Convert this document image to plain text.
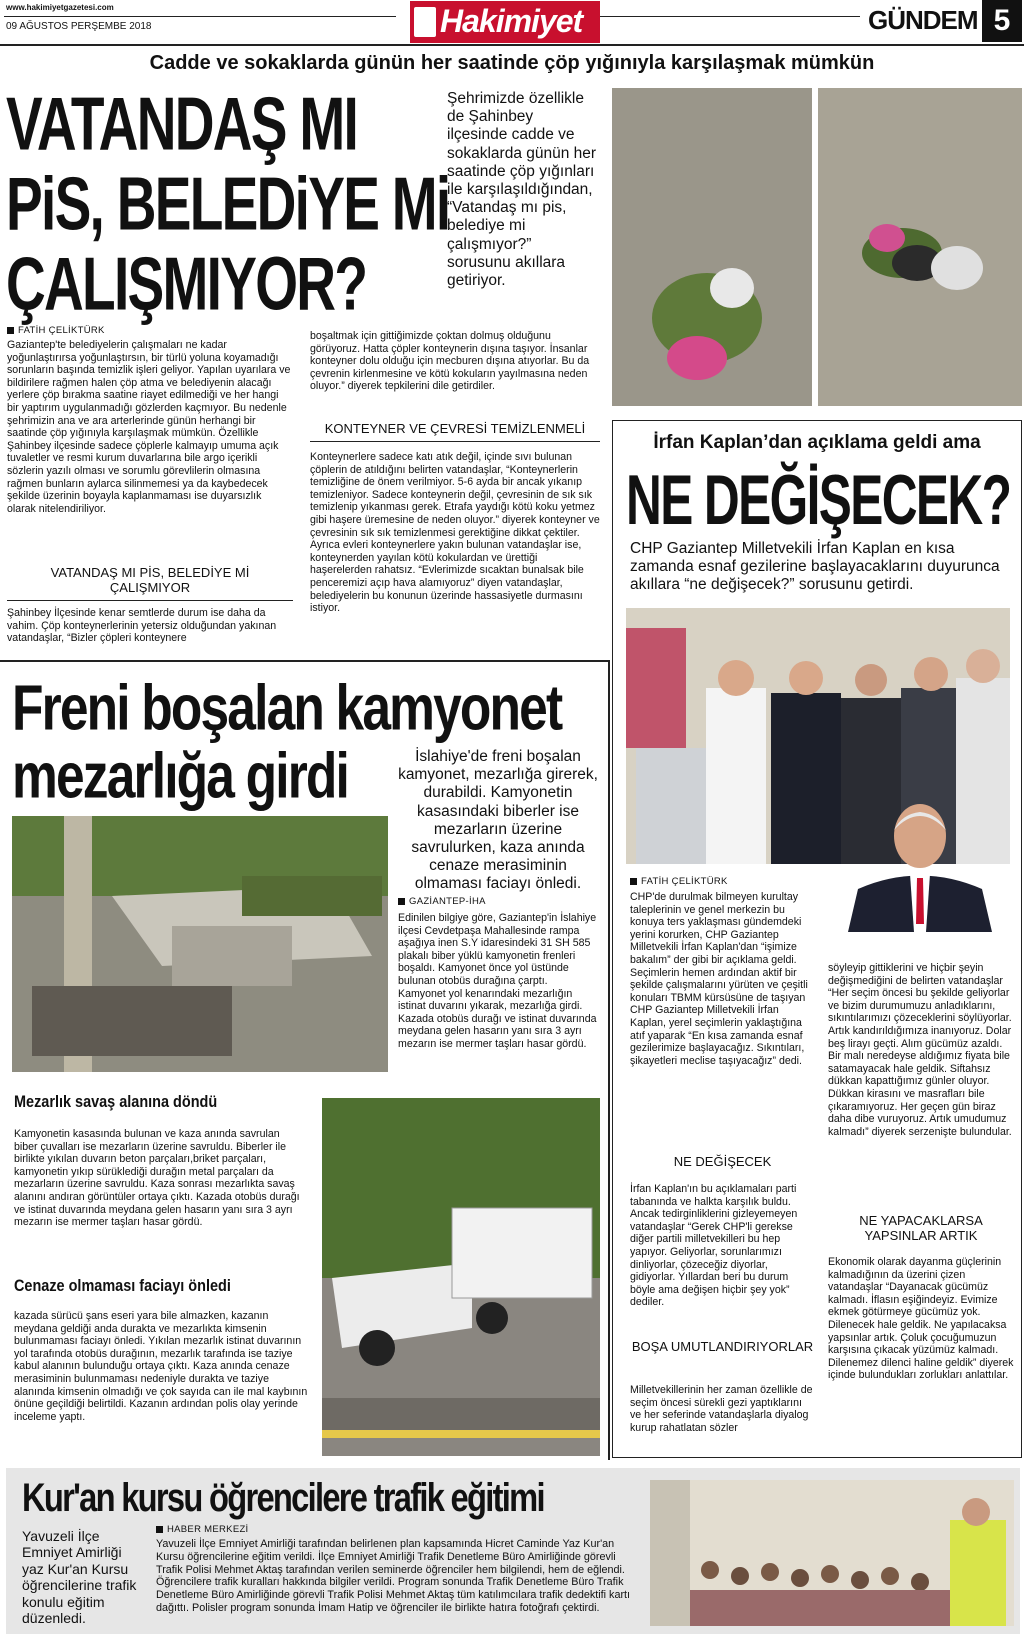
www.hakimiyetgazetesi.com
09 AĞUSTOS PERŞEMBE 2018	Hakimiyet	GÜNDEM 5
Cadde ve sokaklarda günün her saatinde çöp yığınıyla karşılaşmak mümkün
VATANDAŞ MI
PiS, BELEDiYE Mi
ÇALIŞMIYOR?
Şehrimizde özellikle de Şahinbey ilçesinde cadde ve sokaklarda günün her saatinde çöp yığınları ile karşılaşıldığından, “Vatandaş mı pis, belediye mi çalışmıyor?” sorusunu akıllara getiriyor.
FATİH ÇELİKTÜRK
Gaziantep'te belediyelerin çalışmaları ne kadar yoğunlaştırırsa yoğunlaştırsın, bir türlü yoluna koyamadığı sorunların başında temizlik işleri geliyor. Yapılan uyarılara ve bildirilere rağmen halen çöp atma ve belediyenin alacağı yerlere çöp bırakma saatine riayet edilmediği ve her hangi bir yaptırım uygulanmadığı gözlerden kaçmıyor. Bu nedenle şehrimizin ana ve ara arterlerinde günün herhangi bir saatinde çöp yığınıyla karşılaşmak mümkün. Özellikle Şahinbey ilçesinde sadece çöplerle kalmayıp umuma açık tuvaletler ve resmi kurum duvarlarına bile argo içerikli sözlerin yazılı olması ve sorumlu görevlilerin olmasına rağmen bunların aylarca silinmemesi ya da kaybedecek şekilde üzerinin boyayla kaplanmaması ise duyarsızlık olarak nitelendiriliyor.
VATANDAŞ MI PİS, BELEDİYE Mİ ÇALIŞMIYOR
Şahinbey İlçesinde kenar semtlerde durum ise daha da vahim. Çöp konteynerlerinin yetersiz olduğundan yakınan vatandaşlar, “Bizler çöpleri konteynere
boşaltmak için gittiğimizde çoktan dolmuş olduğunu görüyoruz. Hatta çöpler konteynerin dışına taşıyor. İnsanlar konteyner dolu olduğu için mecburen dışına atıyorlar. Bu da çevrenin kirlenmesine ve kötü kokuların yayılmasına neden oluyor.” diyerek tepkilerini dile getirdiler.
KONTEYNER VE ÇEVRESİ TEMİZLENMELİ
Konteynerlere sadece katı atık değil, içinde sıvı bulunan çöplerin de atıldığını belirten vatandaşlar, “Konteynerlerin temizliğine de önem verilmiyor. 5-6 ayda bir ancak yıkanıp temizleniyor. Sadece konteynerin değil, çevresinin de sık sık temizlenip yıkanması gerek. Etrafa yaydığı kötü koku yetmez gibi haşere üremesine de neden oluyor.” diyerek konteyner ve çevresinin sık sık temizlenmesi gerektiğine dikkat çektiler. Ayrıca evleri konteynerlere yakın bulunan vatandaşlar ise, konteynerden yayılan kötü kokulardan ve ürettiği haşerelerden rahatsız. “Evlerimizde sıcaktan bunalsak bile penceremizi açıp hava alamıyoruz” diyen vatandaşlar, belediyelerin bu konunun üzerinde hassasiyetle durmasını istiyor.
Freni boşalan kamyonet
mezarlığa girdi	İslahiye'de freni boşalan kamyonet, mezarlığa girerek, durabildi. Kamyonetin kasasındaki biberler ise mezarların üzerine savrulurken, kaza anında cenaze merasiminin olmaması faciayı önledi.
GAZİANTEP-İHA
Edinilen bilgiye göre, Gaziantep'in İslahiye ilçesi Cevdetpaşa Mahallesinde rampa aşağıya inen S.Y idaresindeki 31 SH 585 plakalı biber yüklü kamyonetin frenleri boşaldı. Kamyonet önce yol üstünde bulunan otobüs durağına çarptı. Kamyonet yol kenarındaki mezarlığın istinat duvarını yıkarak, mezarlığa girdi. Kazada otobüs durağı ve istinat duvarında meydana gelen hasarın yanı sıra 3 ayrı mezarın ise mermer taşları hasar gördü.
Mezarlık savaş alanına döndü
Kamyonetin kasasında bulunan ve kaza anında savrulan biber çuvalları ise mezarların üzerine savruldu. Biberler ile birlikte yıkılan duvarın beton parçaları,briket parçaları, kamyonetin yıkıp sürüklediği durağın metal parçaları da mezarların üzerine savruldu. Kaza sonrası mezarlıkta savaş alanını andıran görüntüler ortaya çıktı. Kazada otobüs durağı ve istinat duvarında meydana gelen hasarın yanı sıra 3 ayrı mezarın ise mermer taşları hasar gördü.
Cenaze olmaması faciayı önledi
kazada sürücü şans eseri yara bile almazken, kazanın meydana geldiği anda durakta ve mezarlıkta kimsenin bulunmaması faciayı önledi. Yıkılan mezarlık istinat duvarının yol tarafında otobüs durağının, mezarlık tarafında ise taziye kabul alanının bulunduğu ortaya çıktı. Kaza anında cenaze merasiminin bulunmaması nedeniyle durakta ve taziye alanında kimsenin olmadığı ve çok sayıda can ile mal kaybının önüne geçildiği belirtildi. Kazanın ardından polis olay yerinde inceleme yaptı.
İrfan Kaplan’dan açıklama geldi ama
NE DEĞİŞECEK?
CHP Gaziantep Milletvekili İrfan Kaplan en kısa zamanda esnaf gezilerine başlayacaklarını duyurunca akıllara “ne değişecek?” sorusunu getirdi.
FATİH ÇELİKTÜRK
CHP'de durulmak bilmeyen kurultay taleplerinin ve genel merkezin bu konuya ters yaklaşması gündemdeki yerini korurken, CHP Gaziantep Milletvekili İrfan Kaplan'dan “işimize bakalım” der gibi bir açıklama geldi. Seçimlerin hemen ardından aktif bir şekilde çalışmalarını yürüten ve çeşitli konuları TBMM kürsüsüne de taşıyan CHP Gaziantep Milletvekili İrfan Kaplan, yerel seçimlerin yaklaştığına atıf yaparak “En kısa zamanda esnaf gezilerimize başlayacağız. Sıkıntıları, şikayetleri meclise taşıyacağız” dedi.
NE DEĞİŞECEK
İrfan Kaplan'ın bu açıklamaları parti tabanında ve halkta karşılık buldu. Ancak tedirginliklerini gizleyemeyen vatandaşlar “Gerek CHP'li gerekse diğer partili milletvekilleri bu hep yapıyor. Geliyorlar, sorunlarımızı dinliyorlar, çözeceğiz diyorlar, gidiyorlar. Yıllardan beri bu durum böyle ama değişen hiçbir şey yok” dediler.
BOŞA UMUTLANDIRIYORLAR
Milletvekillerinin her zaman özellikle de seçim öncesi sürekli gezi yaptıklarını ve her seferinde vatandaşlarla diyalog kurup rahatlatan sözler
söyleyip gittiklerini ve hiçbir şeyin değişmediğini de belirten vatandaşlar “Her seçim öncesi bu şekilde geliyorlar ve bizim durumumuzu anladıklarını, sıkıntılarımızı çözeceklerini söylüyorlar. Artık kandırıldığımıza inanıyoruz. Dolar beş lirayı geçti. Alım gücümüz azaldı. Bir malı neredeyse aldığımız fiyata bile satamayacak hale geldik. Siftahsız dükkan kapattığımız günler oluyor. Dükkan kirasını ve masrafları bile çıkaramıyoruz. Her geçen gün biraz daha dibe vuruyoruz. Artık umudumuz kalmadı” diyerek serzenişte bulundular.
NE YAPACAKLARSA YAPSINLAR ARTIK
Ekonomik olarak dayanma güçlerinin kalmadığının da üzerini çizen vatandaşlar “Dayanacak gücümüz kalmadı. İflasın eşiğindeyiz. Evimize ekmek götürmeye gücümüz yok. Dilenecek hale geldik. Ne yapılacaksa yapsınlar artık. Çoluk çocuğumuzun karşısına çıkacak yüzümüz kalmadı. Dilenemez dilenci haline geldik” diyerek içinde bulundukları zorlukları anlattılar.
Kur'an kursu öğrencilere trafik eğitimi
Yavuzeli İlçe Emniyet Amirliği yaz Kur'an Kursu öğrencilerine trafik konulu eğitim düzenledi.
HABER MERKEZİ
Yavuzeli İlçe Emniyet Amirliği tarafından belirlenen plan kapsamında Hicret Caminde Yaz Kur'an Kursu öğrencilerine eğitim verildi. İlçe Emniyet Amirliği Trafik Denetleme Büro Amirliğinde görevli Trafik Polisi Mehmet Aktaş tarafından verilen seminerde öğrenciler hem bilgilendi, hem de eğlendi. Öğrencilere trafik kuralları hakkında bilgiler verildi. Program sonunda Trafik Denetleme Büro Trafik Denetleme Büro Amirliğinde görevli Trafik Polisi Mehmet Aktaş tüm katılımcılara trafik dedektifi kartı dağıttı. Polisler program sonunda İmam Hatip ve öğrenciler ile birlikte hatıra fotoğrafı çektirdi.
